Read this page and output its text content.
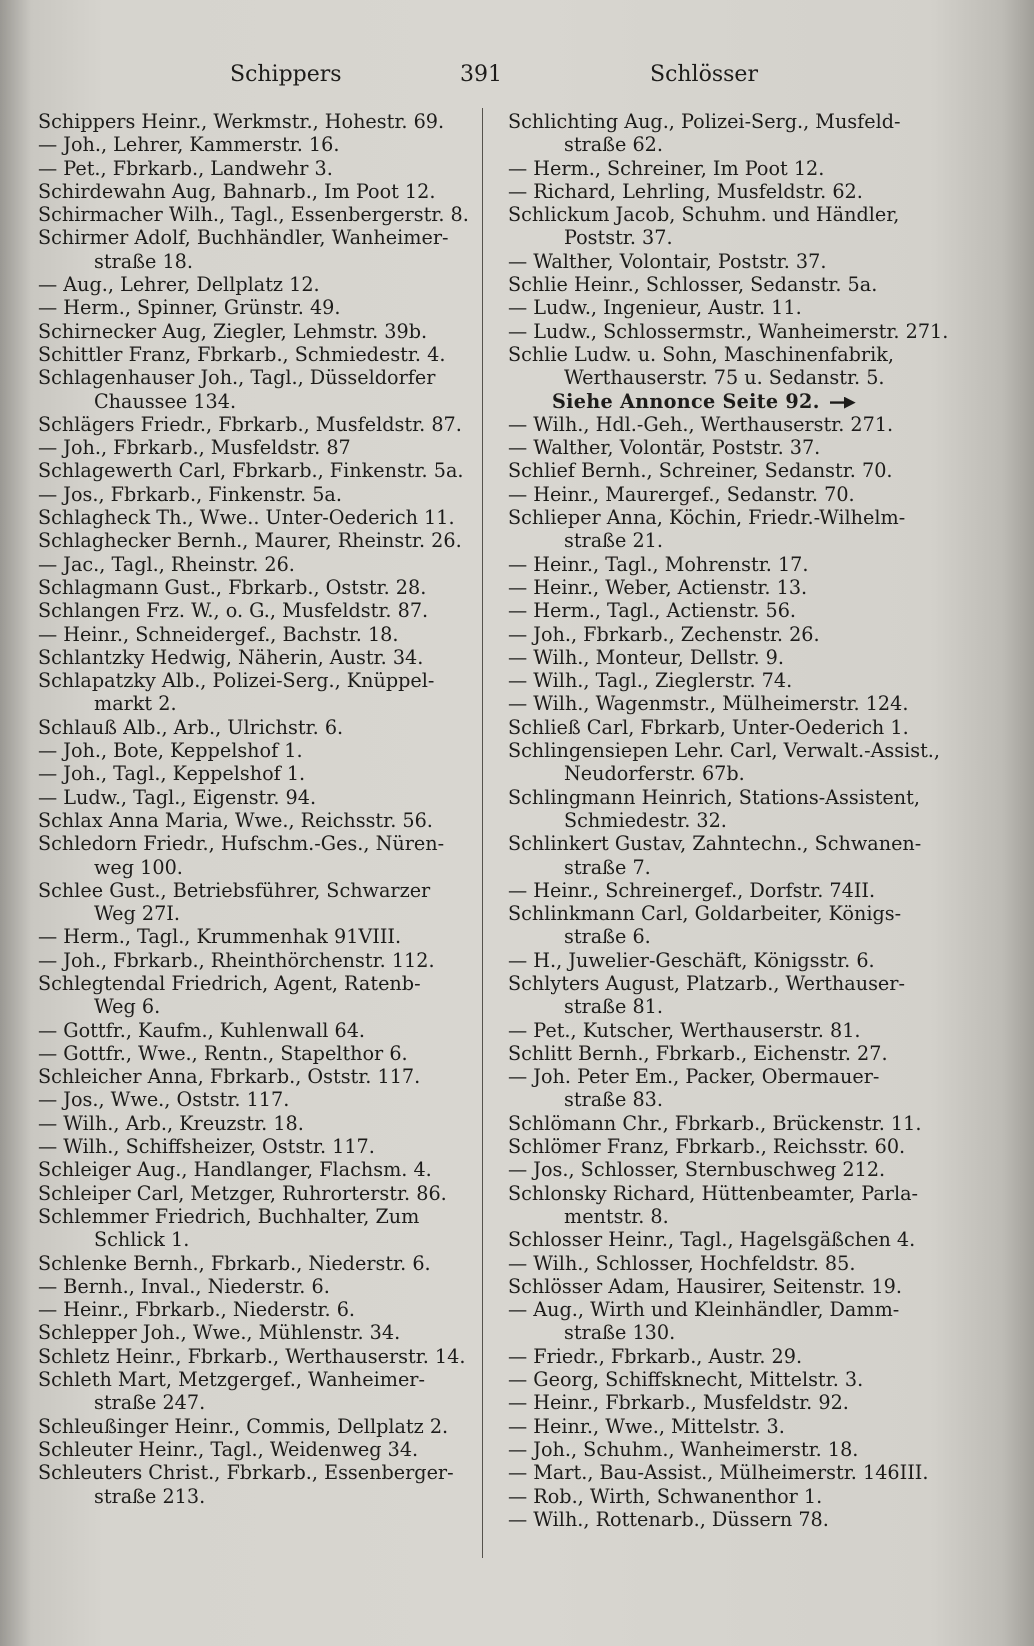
Schippers	391	Schlösser
Schippers Heinr., Werkmstr., Hohestr. 69.
— Joh., Lehrer, Kammerstr. 16.
— Pet., Fbrkarb., Landwehr 3.
Schirdewahn Aug, Bahnarb., Im Poot 12.
Schirmacher Wilh., Tagl., Essenbergerstr. 8.
Schirmer Adolf, Buchhändler, Wanheimer-
straße 18.
— Aug., Lehrer, Dellplatz 12.
— Herm., Spinner, Grünstr. 49.
Schirnecker Aug, Ziegler, Lehmstr. 39b.
Schittler Franz, Fbrkarb., Schmiedestr. 4.
Schlagenhauser Joh., Tagl., Düsseldorfer
Chaussee 134.
Schlägers Friedr., Fbrkarb., Musfeldstr. 87.
— Joh., Fbrkarb., Musfeldstr. 87
Schlagewerth Carl, Fbrkarb., Finkenstr. 5a.
— Jos., Fbrkarb., Finkenstr. 5a.
Schlagheck Th., Wwe.. Unter-Oederich 11.
Schlaghecker Bernh., Maurer, Rheinstr. 26.
— Jac., Tagl., Rheinstr. 26.
Schlagmann Gust., Fbrkarb., Oststr. 28.
Schlangen Frz. W., o. G., Musfeldstr. 87.
— Heinr., Schneidergef., Bachstr. 18.
Schlantzky Hedwig, Näherin, Austr. 34.
Schlapatzky Alb., Polizei-Serg., Knüppel-
markt 2.
Schlauß Alb., Arb., Ulrichstr. 6.
— Joh., Bote, Keppelshof 1.
— Joh., Tagl., Keppelshof 1.
— Ludw., Tagl., Eigenstr. 94.
Schlax Anna Maria, Wwe., Reichsstr. 56.
Schledorn Friedr., Hufschm.-Ges., Nüren-
weg 100.
Schlee Gust., Betriebsführer, Schwarzer
Weg 27I.
— Herm., Tagl., Krummenhak 91VIII.
— Joh., Fbrkarb., Rheinthörchenstr. 112.
Schlegtendal Friedrich, Agent, Ratenb-
Weg 6.
— Gottfr., Kaufm., Kuhlenwall 64.
— Gottfr., Wwe., Rentn., Stapelthor 6.
Schleicher Anna, Fbrkarb., Oststr. 117.
— Jos., Wwe., Oststr. 117.
— Wilh., Arb., Kreuzstr. 18.
— Wilh., Schiffsheizer, Oststr. 117.
Schleiger Aug., Handlanger, Flachsm. 4.
Schleiper Carl, Metzger, Ruhrorterstr. 86.
Schlemmer Friedrich, Buchhalter, Zum
Schlick 1.
Schlenke Bernh., Fbrkarb., Niederstr. 6.
— Bernh., Inval., Niederstr. 6.
— Heinr., Fbrkarb., Niederstr. 6.
Schlepper Joh., Wwe., Mühlenstr. 34.
Schletz Heinr., Fbrkarb., Werthauserstr. 14.
Schleth Mart, Metzgergef., Wanheimer-
straße 247.
Schleußinger Heinr., Commis, Dellplatz 2.
Schleuter Heinr., Tagl., Weidenweg 34.
Schleuters Christ., Fbrkarb., Essenberger-
straße 213.
Schlichting Aug., Polizei-Serg., Musfeld-
straße 62.
— Herm., Schreiner, Im Poot 12.
— Richard, Lehrling, Musfeldstr. 62.
Schlickum Jacob, Schuhm. und Händler,
Poststr. 37.
— Walther, Volontair, Poststr. 37.
Schlie Heinr., Schlosser, Sedanstr. 5a.
— Ludw., Ingenieur, Austr. 11.
— Ludw., Schlossermstr., Wanheimerstr. 271.
Schlie Ludw. u. Sohn, Maschinenfabrik,
Werthauserstr. 75 u. Sedanstr. 5.
Siehe Annonce Seite 92.
— Wilh., Hdl.-Geh., Werthauserstr. 271.
— Walther, Volontär, Poststr. 37.
Schlief Bernh., Schreiner, Sedanstr. 70.
— Heinr., Maurergef., Sedanstr. 70.
Schlieper Anna, Köchin, Friedr.-Wilhelm-
straße 21.
— Heinr., Tagl., Mohrenstr. 17.
— Heinr., Weber, Actienstr. 13.
— Herm., Tagl., Actienstr. 56.
— Joh., Fbrkarb., Zechenstr. 26.
— Wilh., Monteur, Dellstr. 9.
— Wilh., Tagl., Zieglerstr. 74.
— Wilh., Wagenmstr., Mülheimerstr. 124.
Schließ Carl, Fbrkarb, Unter-Oederich 1.
Schlingensiepen Lehr. Carl, Verwalt.-Assist.,
Neudorferstr. 67b.
Schlingmann Heinrich, Stations-Assistent,
Schmiedestr. 32.
Schlinkert Gustav, Zahntechn., Schwanen-
straße 7.
— Heinr., Schreinergef., Dorfstr. 74II.
Schlinkmann Carl, Goldarbeiter, Königs-
straße 6.
— H., Juwelier-Geschäft, Königsstr. 6.
Schlyters August, Platzarb., Werthauser-
straße 81.
— Pet., Kutscher, Werthauserstr. 81.
Schlitt Bernh., Fbrkarb., Eichenstr. 27.
— Joh. Peter Em., Packer, Obermauer-
straße 83.
Schlömann Chr., Fbrkarb., Brückenstr. 11.
Schlömer Franz, Fbrkarb., Reichsstr. 60.
— Jos., Schlosser, Sternbuschweg 212.
Schlonsky Richard, Hüttenbeamter, Parla-
mentstr. 8.
Schlosser Heinr., Tagl., Hagelsgäßchen 4.
— Wilh., Schlosser, Hochfeldstr. 85.
Schlösser Adam, Hausirer, Seitenstr. 19.
— Aug., Wirth und Kleinhändler, Damm-
straße 130.
— Friedr., Fbrkarb., Austr. 29.
— Georg, Schiffsknecht, Mittelstr. 3.
— Heinr., Fbrkarb., Musfeldstr. 92.
— Heinr., Wwe., Mittelstr. 3.
— Joh., Schuhm., Wanheimerstr. 18.
— Mart., Bau-Assist., Mülheimerstr. 146III.
— Rob., Wirth, Schwanenthor 1.
— Wilh., Rottenarb., Düssern 78.
